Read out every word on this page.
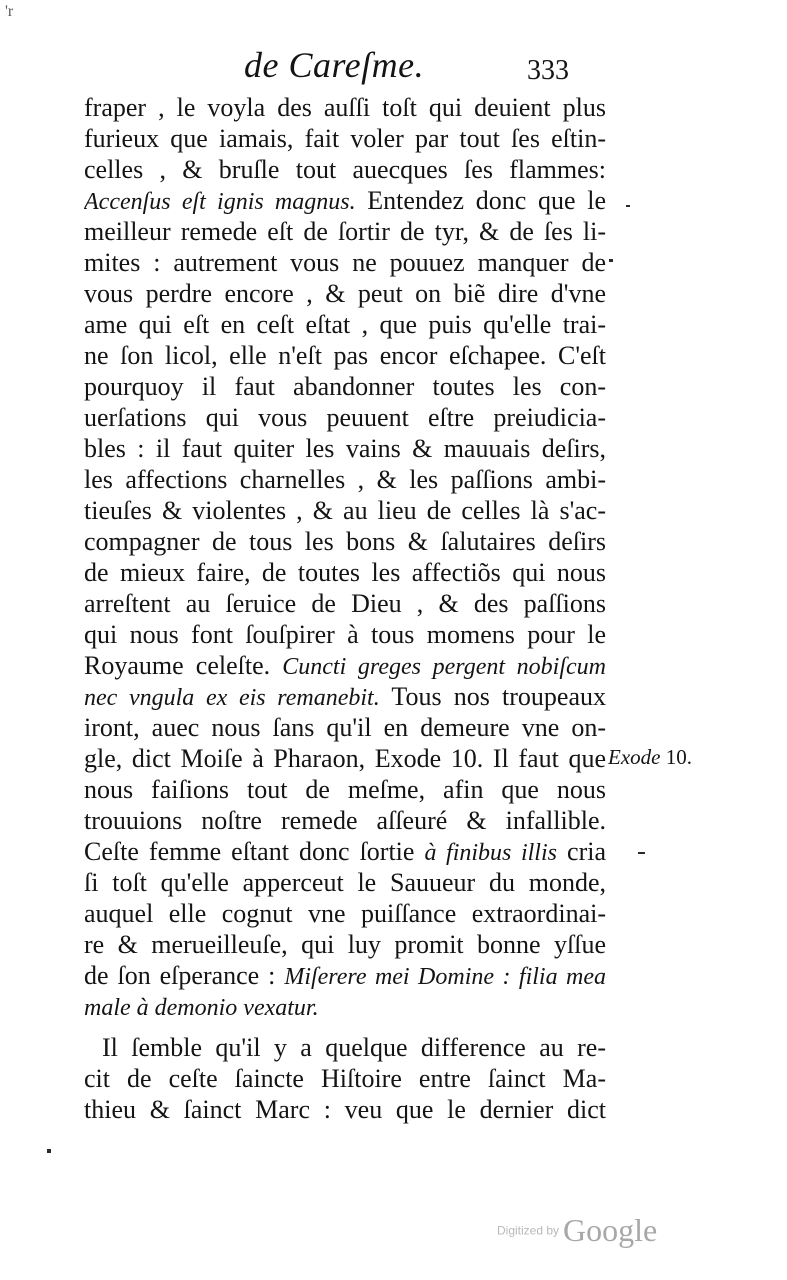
'r
de Careſme.	333
fraper , le voyla des auſſi toſt qui deuient plus
furieux que iamais, fait voler par tout ſes eſtin-
celles , & bruſle tout auecques ſes flammes:
Accenſus eſt ignis magnus. Entendez donc que le
meilleur remede eſt de ſortir de tyr, & de ſes li-
mites : autrement vous ne pouuez manquer de
vous perdre encore , & peut on biẽ dire d'vne
ame qui eſt en ceſt eſtat , que puis qu'elle trai-
ne ſon licol, elle n'eſt pas encor eſchapee. C'eſt
pourquoy il faut abandonner toutes les con-
uerſations qui vous peuuent eſtre preiudicia-
bles : il faut quiter les vains & mauuais deſirs,
les affections charnelles , & les paſſions ambi-
tieuſes & violentes , & au lieu de celles là s'ac-
compagner de tous les bons & ſalutaires deſirs
de mieux faire, de toutes les affectiõs qui nous
arreſtent au ſeruice de Dieu , & des paſſions
qui nous font ſouſpirer à tous momens pour le
Royaume celeſte. Cuncti greges pergent nobiſcum
nec vngula ex eis remanebit. Tous nos troupeaux
iront, auec nous ſans qu'il en demeure vne on-
gle, dict Moiſe à Pharaon, Exode 10. Il faut que
nous faiſions tout de meſme, afin que nous
trouuions noſtre remede aſſeuré & infallible.
Ceſte femme eſtant donc ſortie à finibus illis cria
ſi toſt qu'elle apperceut le Sauueur du monde,
auquel elle cognut vne puiſſance extraordinai-
re & merueilleuſe, qui luy promit bonne yſſue
de ſon eſperance : Miſerere mei Domine : filia mea
male à demonio vexatur.
Il ſemble qu'il y a quelque difference au re-
cit de ceſte ſaincte Hiſtoire entre ſainct Ma-
thieu & ſainct Marc : veu que le dernier dict
Exode 10.
Digitized by Google
